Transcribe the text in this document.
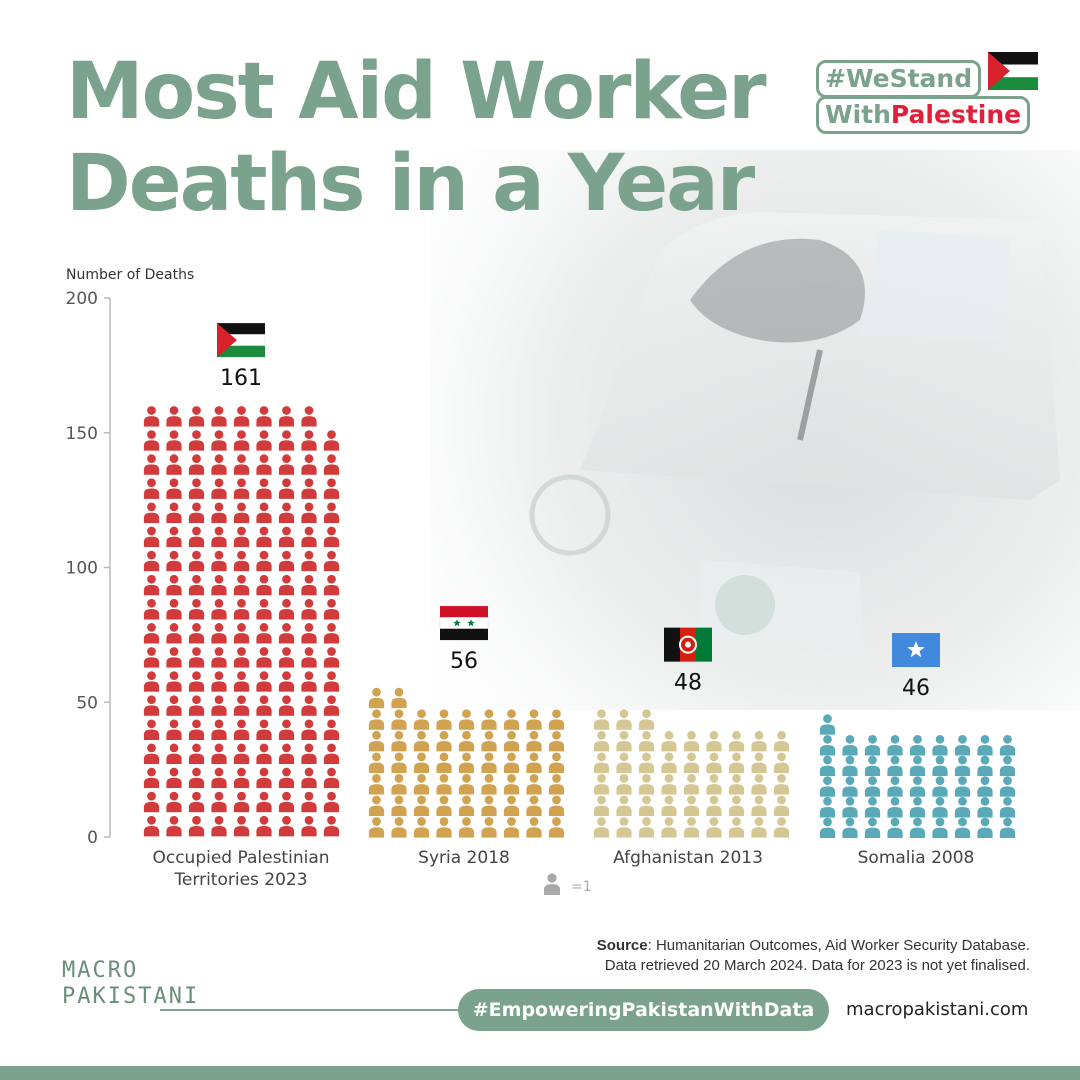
Most Aid Worker
Deaths in a Year
#WeStand
WithPalestine
Number of Deaths
0
50
100
150
200
161
Occupied Palestinian
Territories 2023
56
Syria 2018
48
Afghanistan 2013
46
Somalia 2008
=1
Source: Humanitarian Outcomes, Aid Worker Security Database.
Data retrieved 20 March 2024. Data for 2023 is not yet finalised.
MACRO
PAKISTANI
#EmpoweringPakistanWithData	macropakistani.com
